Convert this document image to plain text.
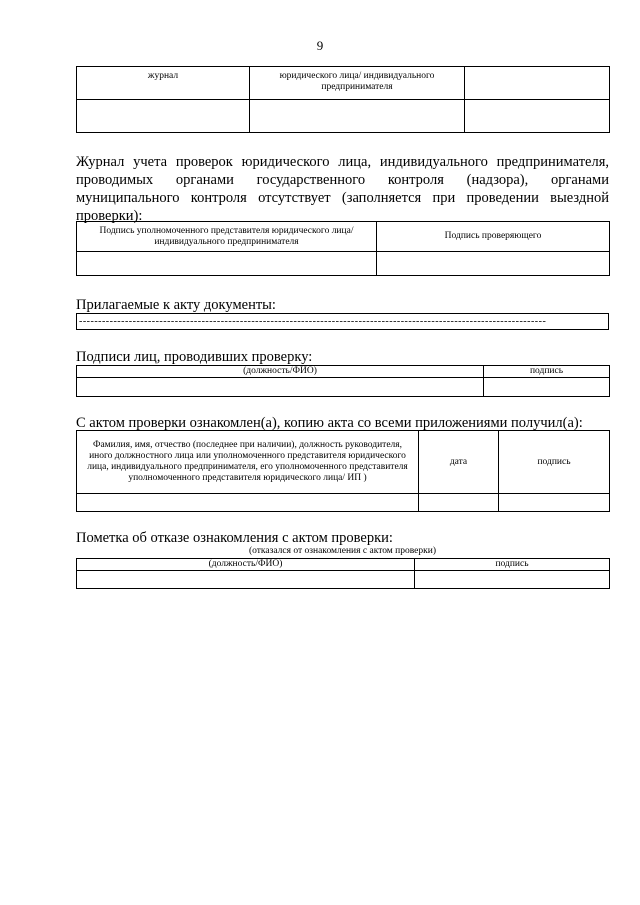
9
журнал	юридического лица/ индивидуального предпринимателя	

Журнал учета проверок юридического лица, индивидуального предпринимателя, проводимых органами государственного контроля (надзора), органами муниципального контроля отсутствует (заполняется при проведении выездной проверки):
Подпись уполномоченного представителя юридического лица/ индивидуального предпринимателя	Подпись проверяющего

Прилагаемые к акту документы:
--------------------------------------------------------------------------------------------------------------------------
Подписи лиц, проводивших проверку:
(должность/ФИО)	подпись

С актом проверки ознакомлен(а), копию акта со всеми приложениями получил(а):
Фамилия, имя, отчество (последнее при наличии), должность руководителя, иного должностного лица или уполномоченного представителя юридического лица, индивидуального предпринимателя, его уполномоченного представителя уполномоченного представителя юридического лица/ ИП )	дата	подпись

Пометка об отказе ознакомления с актом проверки:
(отказался от ознакомления с актом проверки)
(должность/ФИО)	подпись
